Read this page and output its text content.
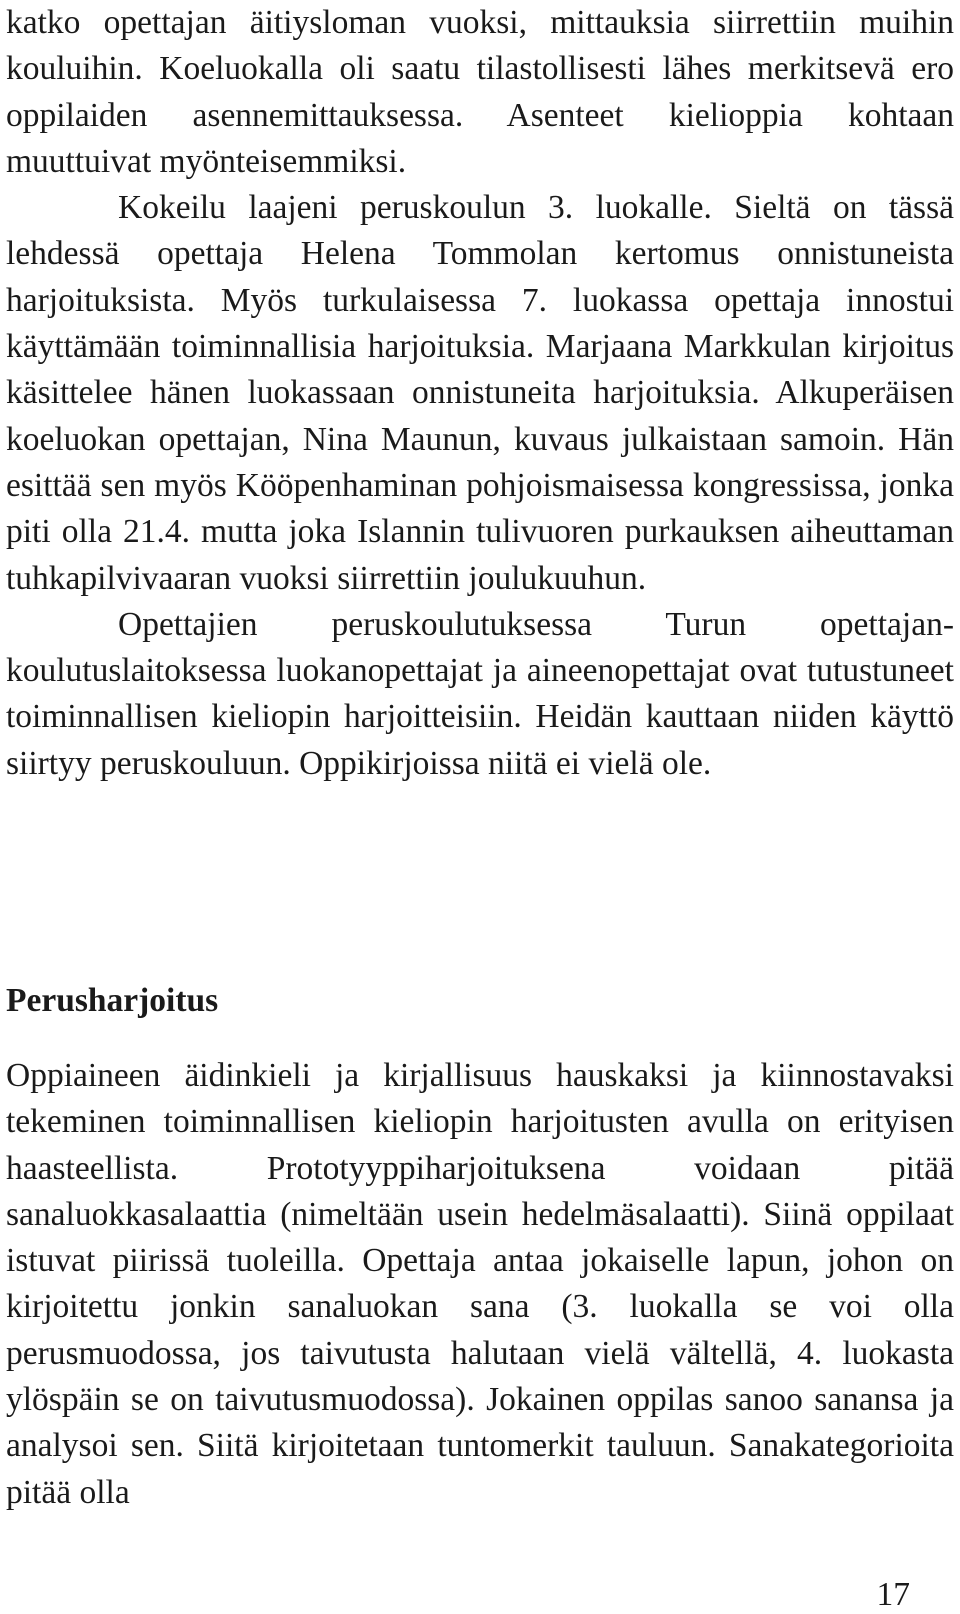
katko opettajan äitiysloman vuoksi, mittauksia siirrettiin muihin kouluihin. Koeluokalla oli saatu tilastollisesti lähes merkitsevä ero oppilaiden asennemittauksessa. Asenteet kielioppia kohtaan muuttuivat myönteisemmiksi.

Kokeilu laajeni peruskoulun 3. luokalle. Sieltä on tässä lehdessä opettaja Helena Tommolan kertomus onnistuneista harjoituksista. Myös turkulaisessa 7. luokassa opettaja innostui käyttämään toiminnallisia harjoituksia. Marjaana Markkulan kirjoitus käsittelee hänen luokassaan onnistuneita harjoituksia. Alkuperäisen koeluokan opettajan, Nina Maunun, kuvaus julkaistaan samoin. Hän esittää sen myös Kööpenhaminan pohjoismaisessa kongressissa, jonka piti olla 21.4. mutta joka Islannin tulivuoren purkauksen aiheuttaman tuhkapilvivaaran vuoksi siirrettiin joulukuuhun.

Opettajien peruskoulutuksessa Turun opettajankoulutuslaitoksessa luokanopettajat ja aineenopettajat ovat tutustuneet toiminnallisen kieliopin harjoitteisiin. Heidän kauttaan niiden käyttö siirtyy peruskouluun. Oppikirjoissa niitä ei vielä ole.

Perusharjoitus

Oppiaineen äidinkieli ja kirjallisuus hauskaksi ja kiinnostavaksi tekeminen toiminnallisen kieliopin harjoitusten avulla on erityisen haasteellista. Prototyyppiharjoituksena voidaan pitää sanaluokkasalaattia (nimeltään usein hedelmäsalaatti). Siinä oppilaat istuvat piirissä tuoleilla. Opettaja antaa jokaiselle lapun, johon on kirjoitettu jonkin sanaluokan sana (3. luokalla se voi olla perusmuodossa, jos taivutusta halutaan vielä vältellä, 4. luokasta ylöspäin se on taivutusmuodossa). Jokainen oppilas sanoo sanansa ja analysoi sen. Siitä kirjoitetaan tuntomerkit tauluun. Sanakategorioita pitää olla

17
